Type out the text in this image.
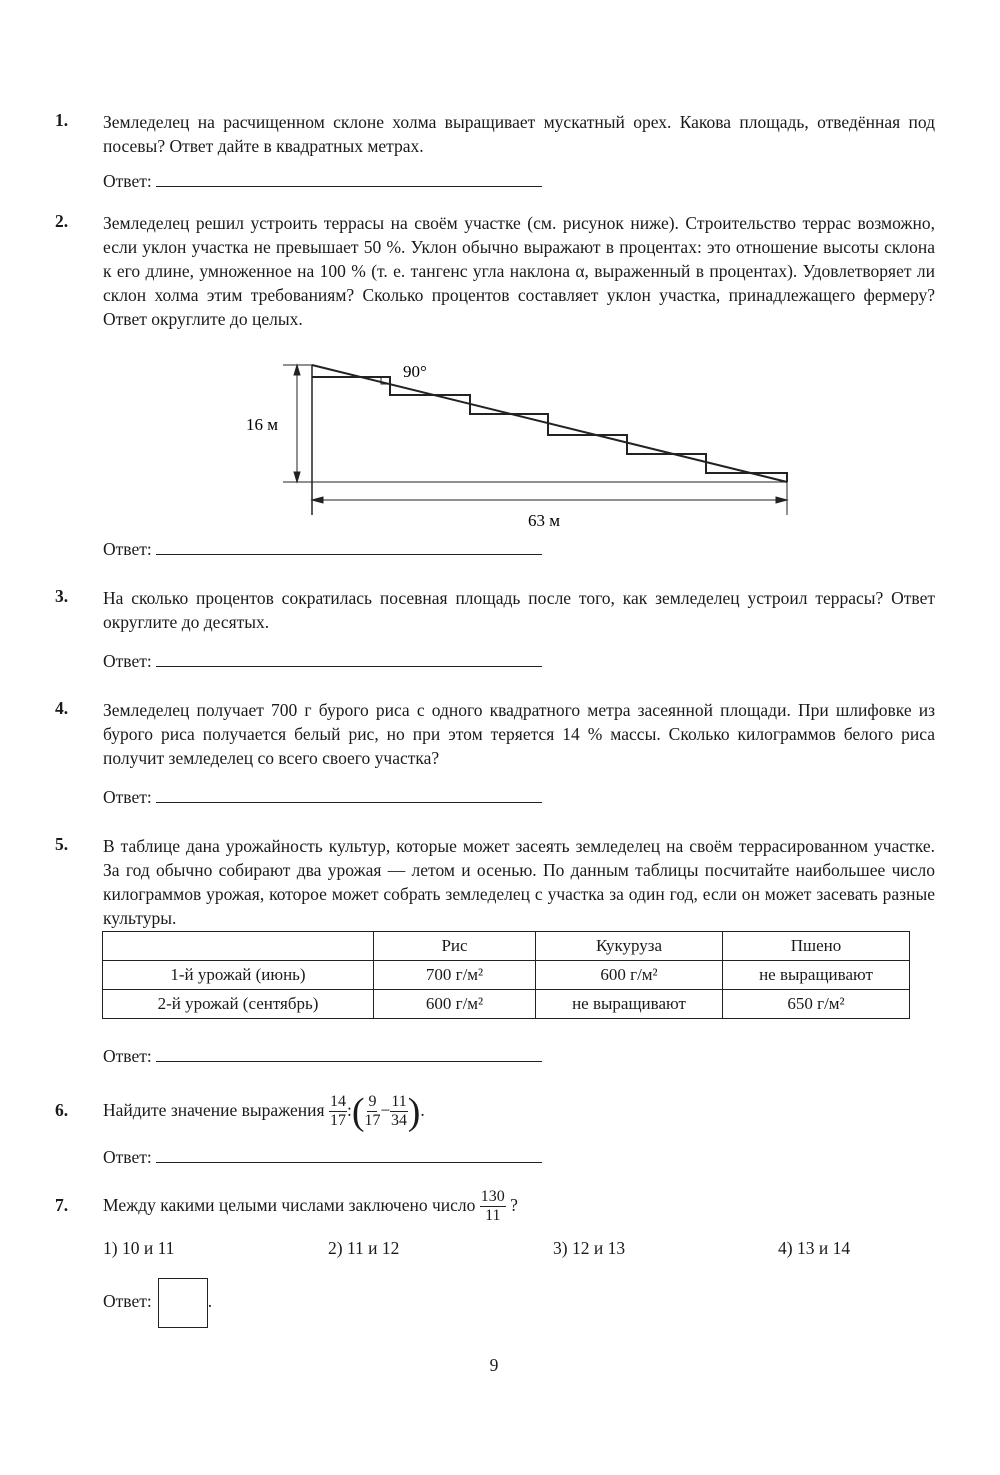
1. Земледелец на расчищенном склоне холма выращивает мускатный орех. Какова площадь, отведённая под посевы? Ответ дайте в квадратных метрах.
Ответ:
2. Земледелец решил устроить террасы на своём участке (см. рисунок ниже). Строительство террас возможно, если уклон участка не превышает 50 %. Уклон обычно выражают в процентах: это отношение высоты склона к его длине, умноженное на 100 % (т. е. тангенс угла наклона α, выраженный в процентах). Удовлетворяет ли склон холма этим требованиям? Сколько процентов составляет уклон участка, принадлежащего фермеру? Ответ округлите до целых.
90°
16 м
63 м
Ответ:
3. На сколько процентов сократилась посевная площадь после того, как земледелец устроил террасы? Ответ округлите до десятых.
Ответ:
4. Земледелец получает 700 г бурого риса с одного квадратного метра засеянной площади. При шлифовке из бурого риса получается белый рис, но при этом теряется 14 % массы. Сколько килограммов белого риса получит земледелец со всего своего участка?
Ответ:
5. В таблице дана урожайность культур, которые может засеять земледелец на своём террасированном участке. За год обычно собирают два урожая — летом и осенью. По данным таблицы посчитайте наибольшее число килограммов урожая, которое может собрать земледелец с участка за один год, если он может засевать разные культуры.
	Рис	Кукуруза	Пшено
1-й урожай (июнь)	700 г/м²	600 г/м²	не выращивают
2-й урожай (сентябрь)	600 г/м²	не выращивают	650 г/м²
Ответ:
6. Найдите значение выражения $\frac{14}{17}$ :( $\frac{9}{17} - \frac{11}{34}$ ).
Ответ:
7. Между какими целыми числами заключено число $\frac{130}{11}$ ?
1) 10 и 11	2) 11 и 12	3) 12 и 13	4) 13 и 14
Ответ:	.
9
